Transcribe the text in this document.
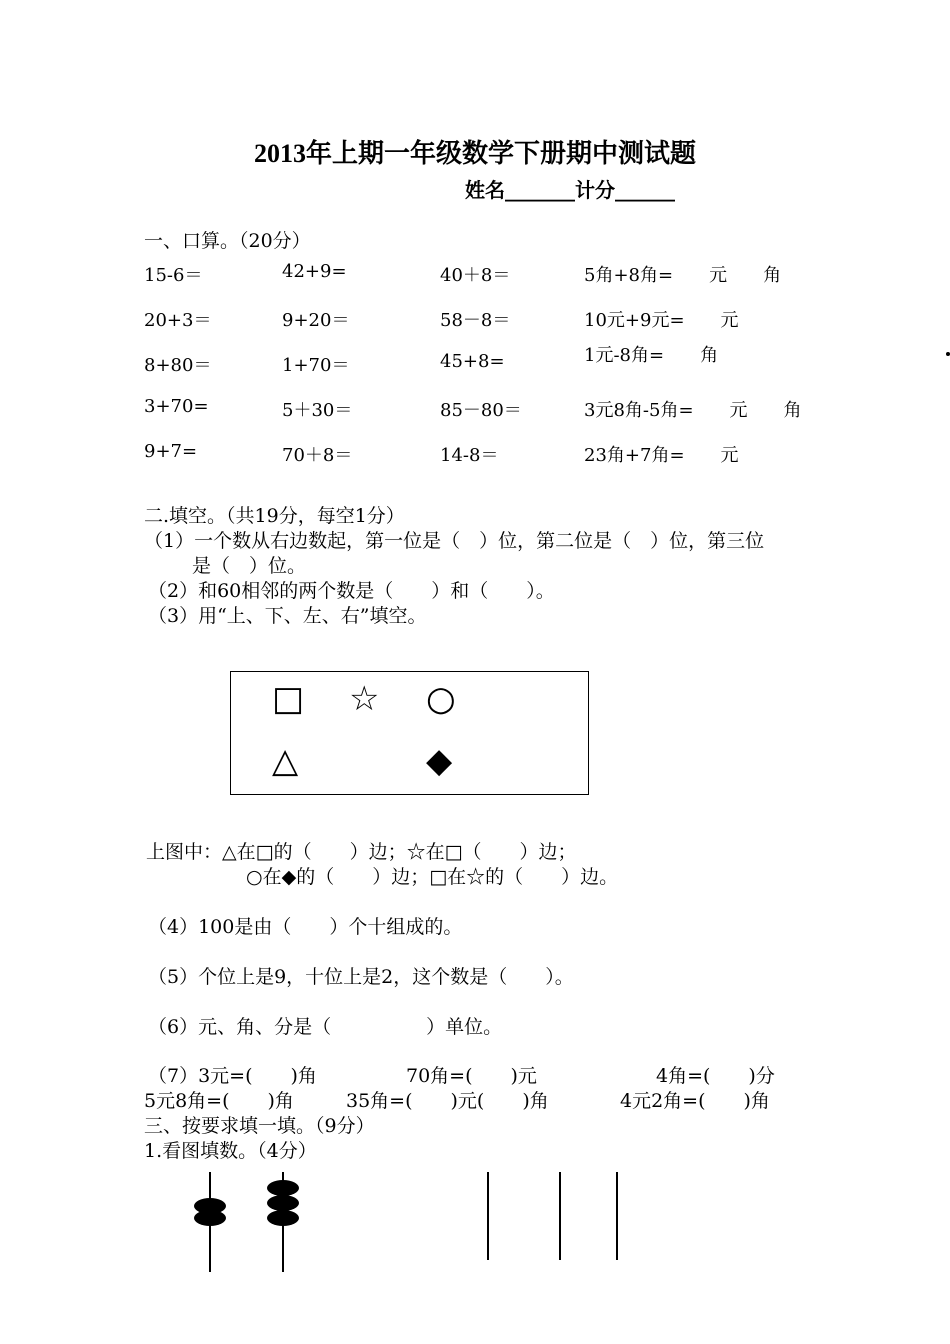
2013年上期一年级数学下册期中测试题
姓名_______计分______
一、口算。（20分）
15-6＝	42+9=	40＋8＝	5角+8角=　　元　　角
20+3＝	9+20＝	58－8＝	10元+9元=　　元
8+80＝	1+70＝	45+8=	1元-8角=　　角
3+70=	5＋30＝	85－80＝	3元8角-5角=　　元　　角
9+7=	70＋8＝	14-8＝	23角+7角=　　元
二.填空。（共19分，每空1分）
（1）一个数从右边数起，第一位是（　）位，第二位是（　）位，第三位
是（　）位。
（2）和60相邻的两个数是（　　）和（　　）。
（3）用“上、下、左、右”填空。
□ ☆ ○
△	◆
上图中：△在□的（　　）边；☆在□（　　）边；
○在◆的（　　）边；□在☆的（　　）边。
（4）100是由（　　）个十组成的。
（5）个位上是9，十位上是2，这个数是（　　）。
（6）元、角、分是（　　　　　）单位。
（7）3元=(　　)角	70角=(　　)元	4角=(　　)分
5元8角=(　　)角	35角=(　　)元(　　)角	4元2角=(　　)角
三、按要求填一填。（9分）
1.看图填数。（4分）
